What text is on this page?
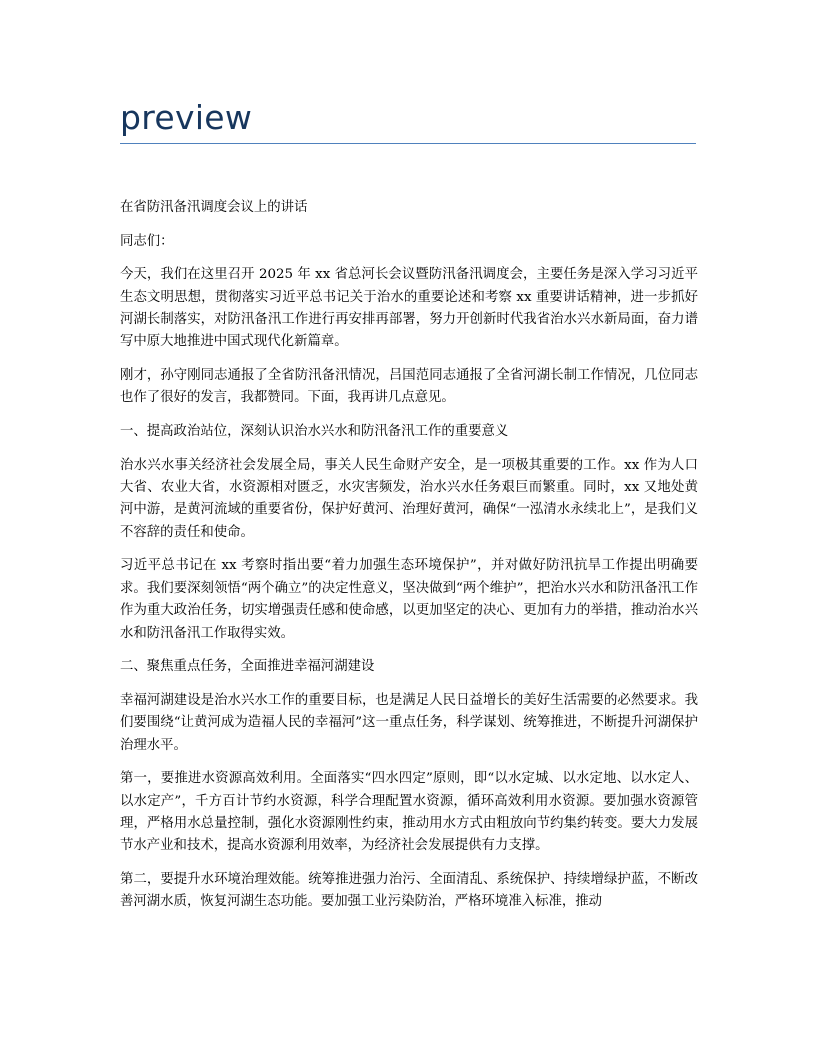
preview

在省防汛备汛调度会议上的讲话

同志们：

今天，我们在这里召开 2025 年 xx 省总河长会议暨防汛备汛调度会，主要任务是深入学习习近平生态文明思想，贯彻落实习近平总书记关于治水的重要论述和考察 xx 重要讲话精神，进一步抓好河湖长制落实，对防汛备汛工作进行再安排再部署，努力开创新时代我省治水兴水新局面，奋力谱写中原大地推进中国式现代化新篇章。

刚才，孙守刚同志通报了全省防汛备汛情况，吕国范同志通报了全省河湖长制工作情况，几位同志也作了很好的发言，我都赞同。下面，我再讲几点意见。

一、提高政治站位，深刻认识治水兴水和防汛备汛工作的重要意义

治水兴水事关经济社会发展全局，事关人民生命财产安全，是一项极其重要的工作。xx 作为人口大省、农业大省，水资源相对匮乏，水灾害频发，治水兴水任务艰巨而繁重。同时，xx 又地处黄河中游，是黄河流域的重要省份，保护好黄河、治理好黄河，确保“一泓清水永续北上”，是我们义不容辞的责任和使命。

习近平总书记在 xx 考察时指出要“着力加强生态环境保护”，并对做好防汛抗旱工作提出明确要求。我们要深刻领悟“两个确立”的决定性意义，坚决做到“两个维护”，把治水兴水和防汛备汛工作作为重大政治任务，切实增强责任感和使命感，以更加坚定的决心、更加有力的举措，推动治水兴水和防汛备汛工作取得实效。

二、聚焦重点任务，全面推进幸福河湖建设

幸福河湖建设是治水兴水工作的重要目标，也是满足人民日益增长的美好生活需要的必然要求。我们要围绕“让黄河成为造福人民的幸福河”这一重点任务，科学谋划、统筹推进，不断提升河湖保护治理水平。

第一，要推进水资源高效利用。全面落实“四水四定”原则，即“以水定城、以水定地、以水定人、以水定产”，千方百计节约水资源，科学合理配置水资源，循环高效利用水资源。要加强水资源管理，严格用水总量控制，强化水资源刚性约束，推动用水方式由粗放向节约集约转变。要大力发展节水产业和技术，提高水资源利用效率，为经济社会发展提供有力支撑。

第二，要提升水环境治理效能。统筹推进强力治污、全面清乱、系统保护、持续增绿护蓝，不断改善河湖水质，恢复河湖生态功能。要加强工业污染防治，严格环境准入标准，推动
